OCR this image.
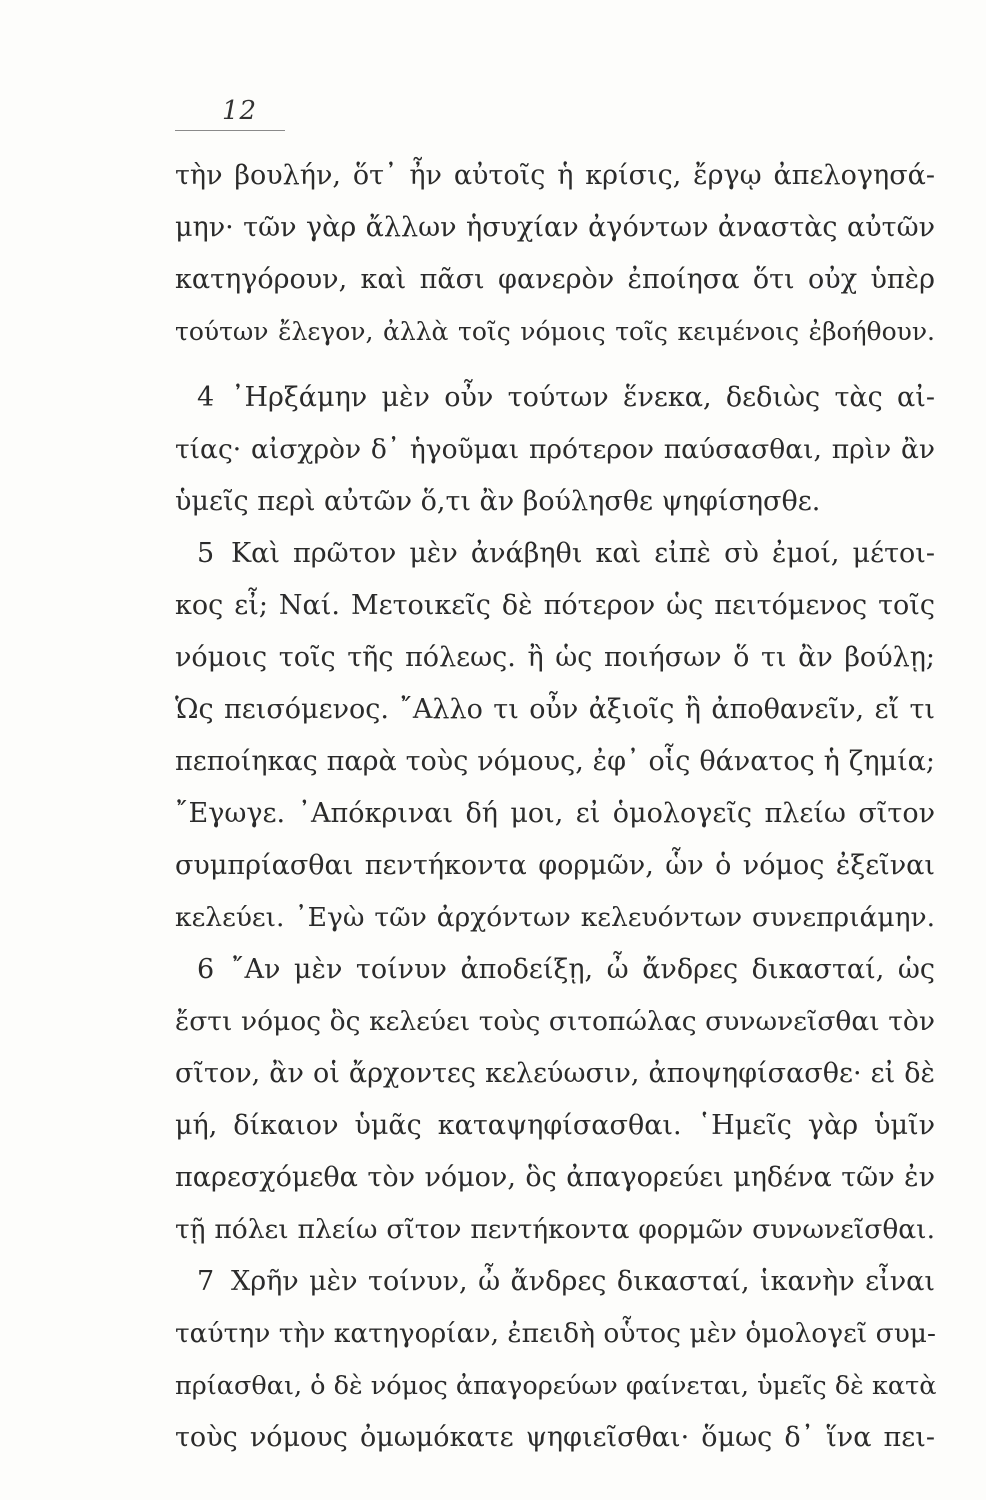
12
τὴν βουλήν, ὅτ᾽ ἦν αὐτοῖς ἡ κρίσις, ἔργῳ ἀπελογησά-
μην· τῶν γὰρ ἄλλων ἡσυχίαν ἀγόντων ἀναστὰς αὐτῶν
κατηγόρουν, καὶ πᾶσι φανερὸν ἐποίησα ὅτι οὐχ ὑπὲρ
τούτων ἔλεγον, ἀλλὰ τοῖς νόμοις τοῖς κειμένοις ἐβοήθουν.
4 ᾽Ηρξάμην μὲν οὖν τούτων ἕνεκα, δεδιὼς τὰς αἰ-
τίας· αἰσχρὸν δ᾽ ἡγοῦμαι πρότερον παύσασθαι, πρὶν ἂν
ὑμεῖς περὶ αὐτῶν ὅ,τι ἂν βούλησθε ψηφίσησθε.
5 Καὶ πρῶτον μὲν ἀνάβηθι καὶ εἰπὲ σὺ ἐμοί, μέτοι-
κος εἶ; Ναί. Μετοικεῖς δὲ πότερον ὡς πειτόμενος τοῖς
νόμοις τοῖς τῆς πόλεως. ἢ ὡς ποιήσων ὅ τι ἂν βούλῃ;
Ὡς πεισόμενος. ῎Αλλο τι οὖν ἀξιοῖς ἢ ἀποθανεῖν, εἴ τι
πεποίηκας παρὰ τοὺς νόμους, ἐφ᾽ οἷς θάνατος ἡ ζημία;
῎Εγωγε. ᾽Απόκριναι δή μοι, εἰ ὁμολογεῖς πλείω σῖτον
συμπρίασθαι πεντήκοντα φορμῶν, ὧν ὁ νόμος ἐξεῖναι
κελεύει. ᾽Εγὼ τῶν ἀρχόντων κελευόντων συνεπριάμην.
6 ῎Αν μὲν τοίνυν ἀποδείξῃ, ὦ ἄνδρες δικασταί, ὡς
ἔστι νόμος ὃς κελεύει τοὺς σιτοπώλας συνωνεῖσθαι τὸν
σῖτον, ἂν οἱ ἄρχοντες κελεύωσιν, ἀποψηφίσασθε· εἰ δὲ
μή, δίκαιον ὑμᾶς καταψηφίσασθαι. ῾Ημεῖς γὰρ ὑμῖν
παρεσχόμεθα τὸν νόμον, ὃς ἀπαγορεύει μηδένα τῶν ἐν
τῇ πόλει πλείω σῖτον πεντήκοντα φορμῶν συνωνεῖσθαι.
7 Χρῆν μὲν τοίνυν, ὦ ἄνδρες δικασταί, ἱκανὴν εἶναι
ταύτην τὴν κατηγορίαν, ἐπειδὴ οὗτος μὲν ὁμολογεῖ συμ-
πρίασθαι, ὁ δὲ νόμος ἀπαγορεύων φαίνεται, ὑμεῖς δὲ κατὰ
τοὺς νόμους ὀμωμόκατε ψηφιεῖσθαι· ὅμως δ᾽ ἵνα πει-
